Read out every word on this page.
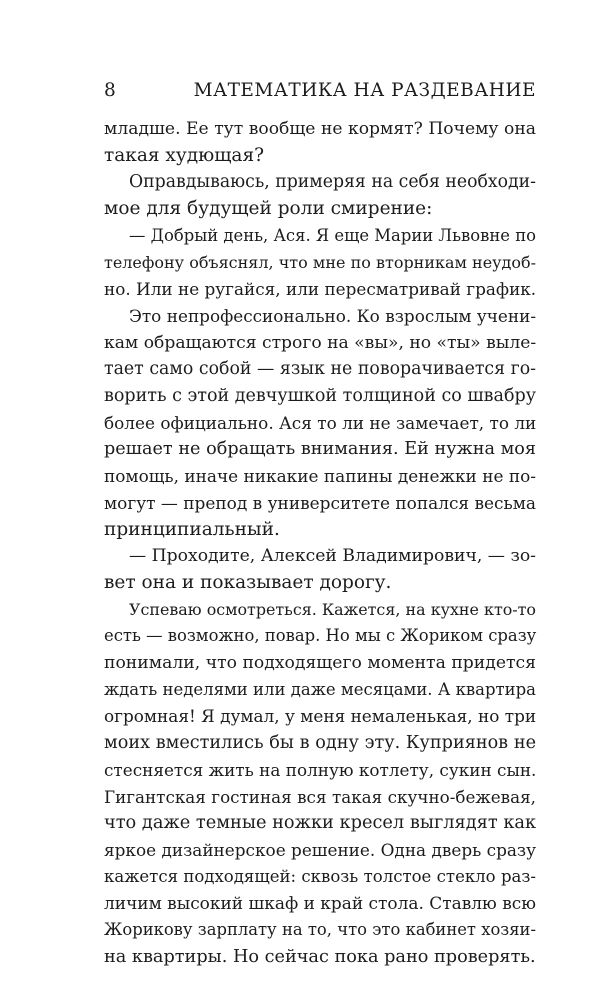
8	МАТЕМАТИКА НА РАЗДЕВАНИЕ

младше. Ее тут вообще не кормят? Почему она
такая худющая?

Оправдываюсь, примеряя на себя необходи-
мое для будущей роли смирение:

— Добрый день, Ася. Я еще Марии Львовне по
телефону объяснял, что мне по вторникам неудоб-
но. Или не ругайся, или пересматривай график.

Это непрофессионально. Ко взрослым учени-
кам обращаются строго на «вы», но «ты» выле-
тает само собой — язык не поворачивается го-
ворить с этой девчушкой толщиной со швабру
более официально. Ася то ли не замечает, то ли
решает не обращать внимания. Ей нужна моя
помощь, иначе никакие папины денежки не по-
могут — препод в университете попался весьма
принципиальный.

— Проходите, Алексей Владимирович, — зо-
вет она и показывает дорогу.

Успеваю осмотреться. Кажется, на кухне кто-то
есть — возможно, повар. Но мы с Жориком сразу
понимали, что подходящего момента придется
ждать неделями или даже месяцами. А квартира
огромная! Я думал, у меня немаленькая, но три
моих вместились бы в одну эту. Куприянов не
стесняется жить на полную котлету, сукин сын.
Гигантская гостиная вся такая скучно-бежевая,
что даже темные ножки кресел выглядят как
яркое дизайнерское решение. Одна дверь сразу
кажется подходящей: сквозь толстое стекло раз-
личим высокий шкаф и край стола. Ставлю всю
Жорикову зарплату на то, что это кабинет хозяи-
на квартиры. Но сейчас пока рано проверять.
